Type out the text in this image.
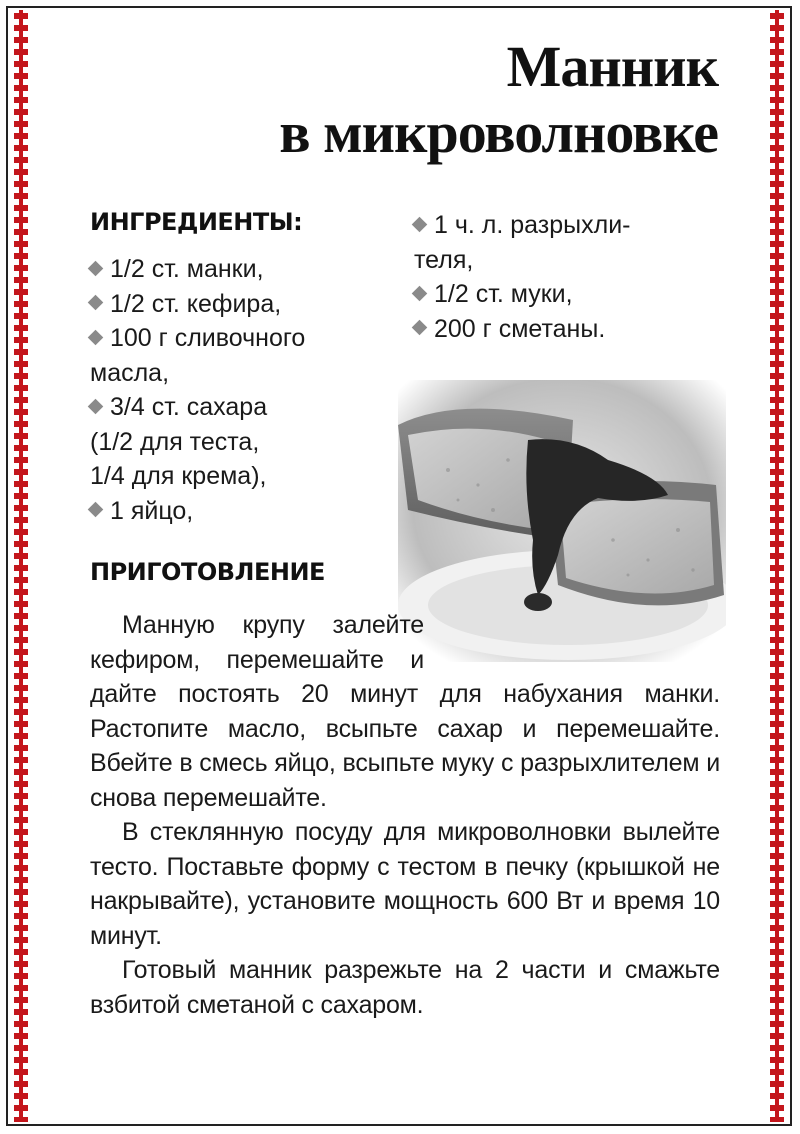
Манник
в микроволновке
ИНГРЕДИЕНТЫ:
1/2 ст. манки,
1/2 ст. кефира,
100 г сливочного
масла,
3/4 ст. сахара
(1/2 для теста,
1/4 для крема),
1 яйцо,
1 ч. л. разрыхли-
теля,
1/2 ст. муки,
200 г сметаны.
ПРИГОТОВЛЕНИЕ

Манную крупу залейте кефиром, перемешайте и дайте постоять 20 минут для набухания манки. Растопите масло, всыпьте сахар и перемешайте. Вбейте в смесь яйцо, всыпьте муку с разрыхлителем и снова перемешайте.

В стеклянную посуду для микроволновки вылейте тесто. Поставьте форму с тестом в печку (крышкой не накрывайте), установите мощность 600 Вт и время 10 минут.

Готовый манник разрежьте на 2 части и смажьте взбитой сметаной с сахаром.
